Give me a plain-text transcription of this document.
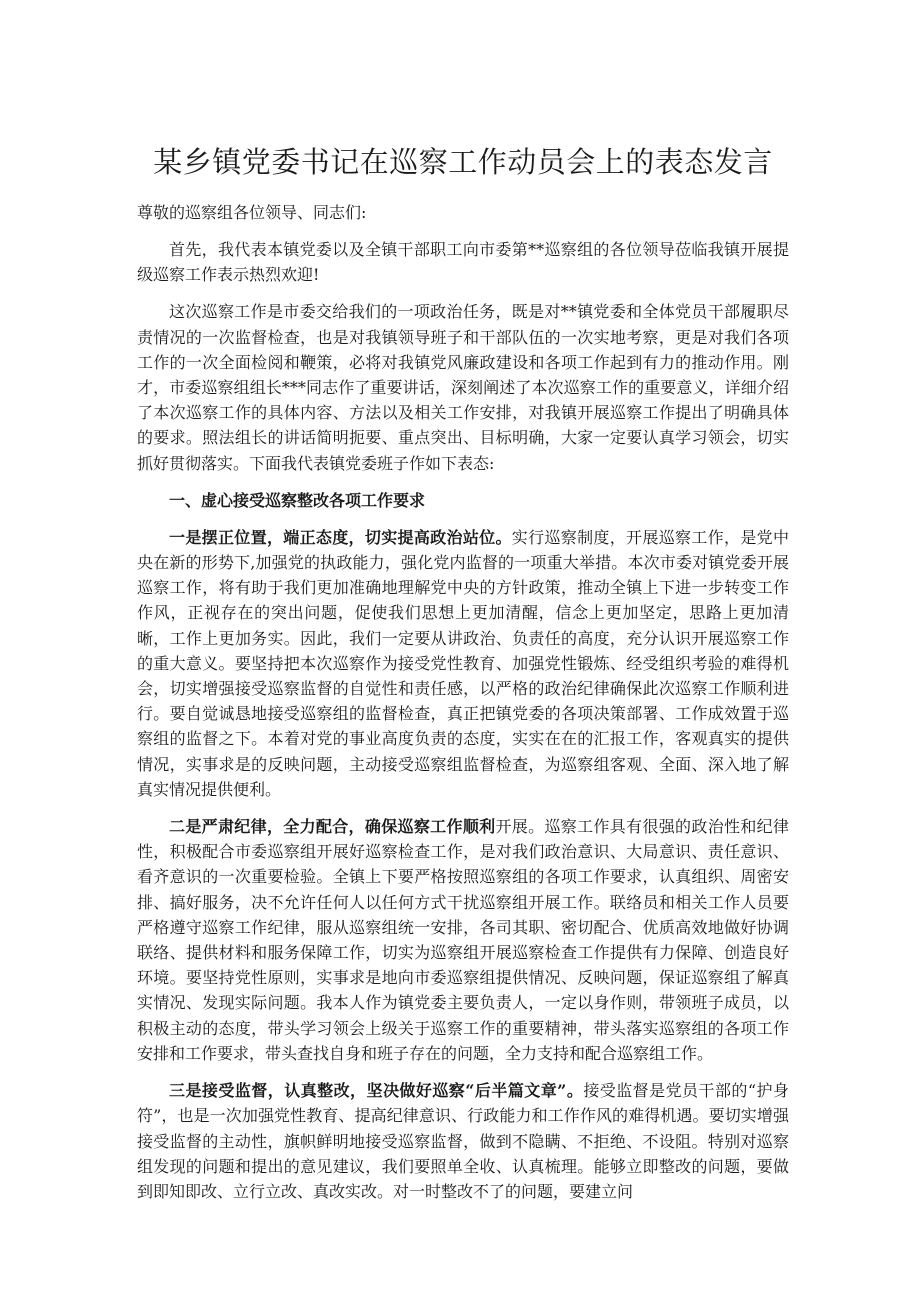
某乡镇党委书记在巡察工作动员会上的表态发言

尊敬的巡察组各位领导、同志们:

首先，我代表本镇党委以及全镇干部职工向市委第**巡察组的各位领导莅临我镇开展提级巡察工作表示热烈欢迎!

这次巡察工作是市委交给我们的一项政治任务，既是对**镇党委和全体党员干部履职尽责情况的一次监督检查，也是对我镇领导班子和干部队伍的一次实地考察，更是对我们各项工作的一次全面检阅和鞭策，必将对我镇党风廉政建设和各项工作起到有力的推动作用。刚才，市委巡察组组长***同志作了重要讲话，深刻阐述了本次巡察工作的重要意义，详细介绍了本次巡察工作的具体内容、方法以及相关工作安排，对我镇开展巡察工作提出了明确具体的要求。照法组长的讲话简明扼要、重点突出、目标明确，大家一定要认真学习领会，切实抓好贯彻落实。下面我代表镇党委班子作如下表态:

一、虚心接受巡察整改各项工作要求

一是摆正位置，端正态度，切实提高政治站位。实行巡察制度，开展巡察工作，是党中央在新的形势下,加强党的执政能力，强化党内监督的一项重大举措。本次市委对镇党委开展巡察工作，将有助于我们更加准确地理解党中央的方针政策，推动全镇上下进一步转变工作作风，正视存在的突出问题，促使我们思想上更加清醒，信念上更加坚定，思路上更加清晰，工作上更加务实。因此，我们一定要从讲政治、负责任的高度，充分认识开展巡察工作的重大意义。要坚持把本次巡察作为接受党性教育、加强党性锻炼、经受组织考验的难得机会，切实增强接受巡察监督的自觉性和责任感，以严格的政治纪律确保此次巡察工作顺利进行。要自觉诚恳地接受巡察组的监督检查，真正把镇党委的各项决策部署、工作成效置于巡察组的监督之下。本着对党的事业高度负责的态度，实实在在的汇报工作，客观真实的提供情况，实事求是的反映问题，主动接受巡察组监督检查，为巡察组客观、全面、深入地了解真实情况提供便利。

二是严肃纪律，全力配合，确保巡察工作顺利开展。巡察工作具有很强的政治性和纪律性，积极配合市委巡察组开展好巡察检查工作，是对我们政治意识、大局意识、责任意识、看齐意识的一次重要检验。全镇上下要严格按照巡察组的各项工作要求，认真组织、周密安排、搞好服务，决不允许任何人以任何方式干扰巡察组开展工作。联络员和相关工作人员要严格遵守巡察工作纪律，服从巡察组统一安排，各司其职、密切配合、优质高效地做好协调联络、提供材料和服务保障工作，切实为巡察组开展巡察检查工作提供有力保障、创造良好环境。要坚持党性原则，实事求是地向市委巡察组提供情况、反映问题，保证巡察组了解真实情况、发现实际问题。我本人作为镇党委主要负责人，一定以身作则，带领班子成员，以积极主动的态度，带头学习领会上级关于巡察工作的重要精神，带头落实巡察组的各项工作安排和工作要求，带头查找自身和班子存在的问题，全力支持和配合巡察组工作。

三是接受监督，认真整改，坚决做好巡察“后半篇文章”。接受监督是党员干部的“护身符”，也是一次加强党性教育、提高纪律意识、行政能力和工作作风的难得机遇。要切实增强接受监督的主动性，旗帜鲜明地接受巡察监督，做到不隐瞒、不拒绝、不设阻。特别对巡察组发现的问题和提出的意见建议，我们要照单全收、认真梳理。能够立即整改的问题，要做到即知即改、立行立改、真改实改。对一时整改不了的问题，要建立问
